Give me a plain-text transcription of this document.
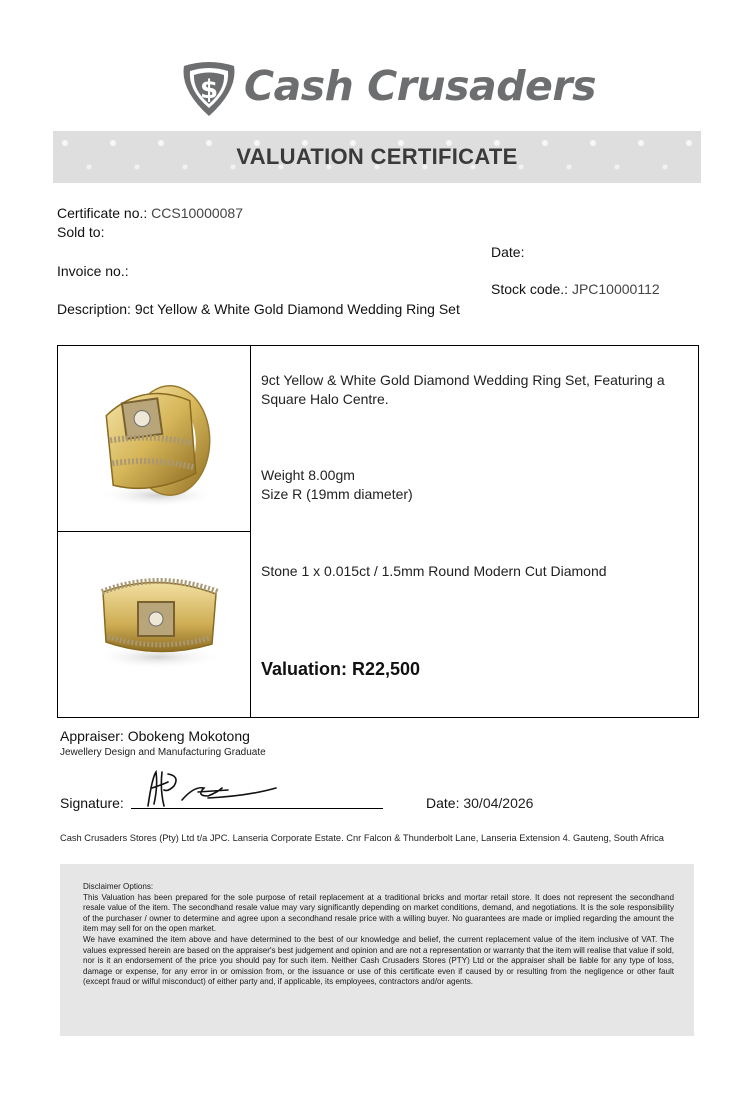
$ Cash Crusaders
VALUATION CERTIFICATE
Certificate no.: CCS10000087
Sold to:
Date:
Invoice no.:
Stock code.: JPC10000112
Description: 9ct Yellow & White Gold Diamond Wedding Ring Set
9ct Yellow & White Gold Diamond Wedding Ring Set, Featuring a
Square Halo Centre.
Weight 8.00gm
Size R (19mm diameter)
Stone 1 x 0.015ct / 1.5mm Round Modern Cut Diamond
Valuation: R22,500
Appraiser: Obokeng Mokotong
Jewellery Design and Manufacturing Graduate
Signature:	Date: 30/04/2026
Cash Crusaders Stores (Pty) Ltd t/a JPC. Lanseria Corporate Estate. Cnr Falcon & Thunderbolt Lane, Lanseria Extension 4. Gauteng, South Africa

Disclaimer Options:

This Valuation has been prepared for the sole purpose of retail replacement at a traditional bricks and mortar retail store. It does not represent the secondhand resale value of the item. The secondhand resale value may vary significantly depending on market conditions, demand, and negotiations. It is the sole responsibility of the purchaser / owner to determine and agree upon a secondhand resale price with a willing buyer. No guarantees are made or implied regarding the amount the item may sell for on the open market.

We have examined the item above and have determined to the best of our knowledge and belief, the current replacement value of the item inclusive of VAT. The values expressed herein are based on the appraiser's best judgement and opinion and are not a representation or warranty that the item will realise that value if sold, nor is it an endorsement of the price you should pay for such item. Neither Cash Crusaders Stores (PTY) Ltd or the appraiser shall be liable for any type of loss, damage or expense, for any error in or omission from, or the issuance or use of this certificate even if caused by or resulting from the negligence or other fault (except fraud or wilful misconduct) of either party and, if applicable, its employees, contractors and/or agents.
